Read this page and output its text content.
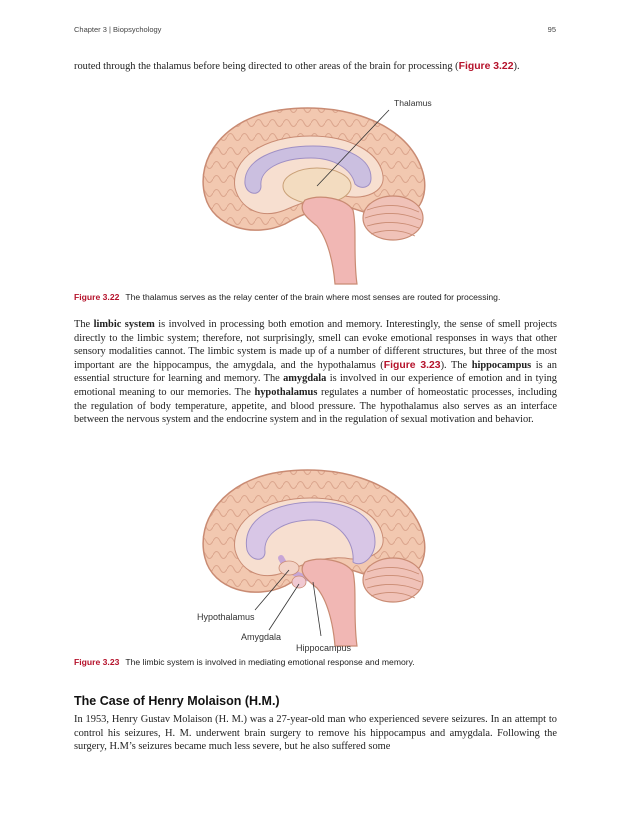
Chapter 3 | Biopsychology	95

routed through the thalamus before being directed to other areas of the brain for processing (Figure 3.22).

Thalamus

Figure 3.22 The thalamus serves as the relay center of the brain where most senses are routed for processing.

The limbic system is involved in processing both emotion and memory. Interestingly, the sense of smell projects directly to the limbic system; therefore, not surprisingly, smell can evoke emotional responses in ways that other sensory modalities cannot. The limbic system is made up of a number of different structures, but three of the most important are the hippocampus, the amygdala, and the hypothalamus (Figure 3.23). The hippocampus is an essential structure for learning and memory. The amygdala is involved in our experience of emotion and in tying emotional meaning to our memories. The hypothalamus regulates a number of homeostatic processes, including the regulation of body temperature, appetite, and blood pressure. The hypothalamus also serves as an interface between the nervous system and the endocrine system and in the regulation of sexual motivation and behavior.

Hypothalamus
Amygdala
Hippocampus

Figure 3.23 The limbic system is involved in mediating emotional response and memory.

The Case of Henry Molaison (H.M.)

In 1953, Henry Gustav Molaison (H. M.) was a 27-year-old man who experienced severe seizures. In an attempt to control his seizures, H. M. underwent brain surgery to remove his hippocampus and amygdala. Following the surgery, H.M’s seizures became much less severe, but he also suffered some
